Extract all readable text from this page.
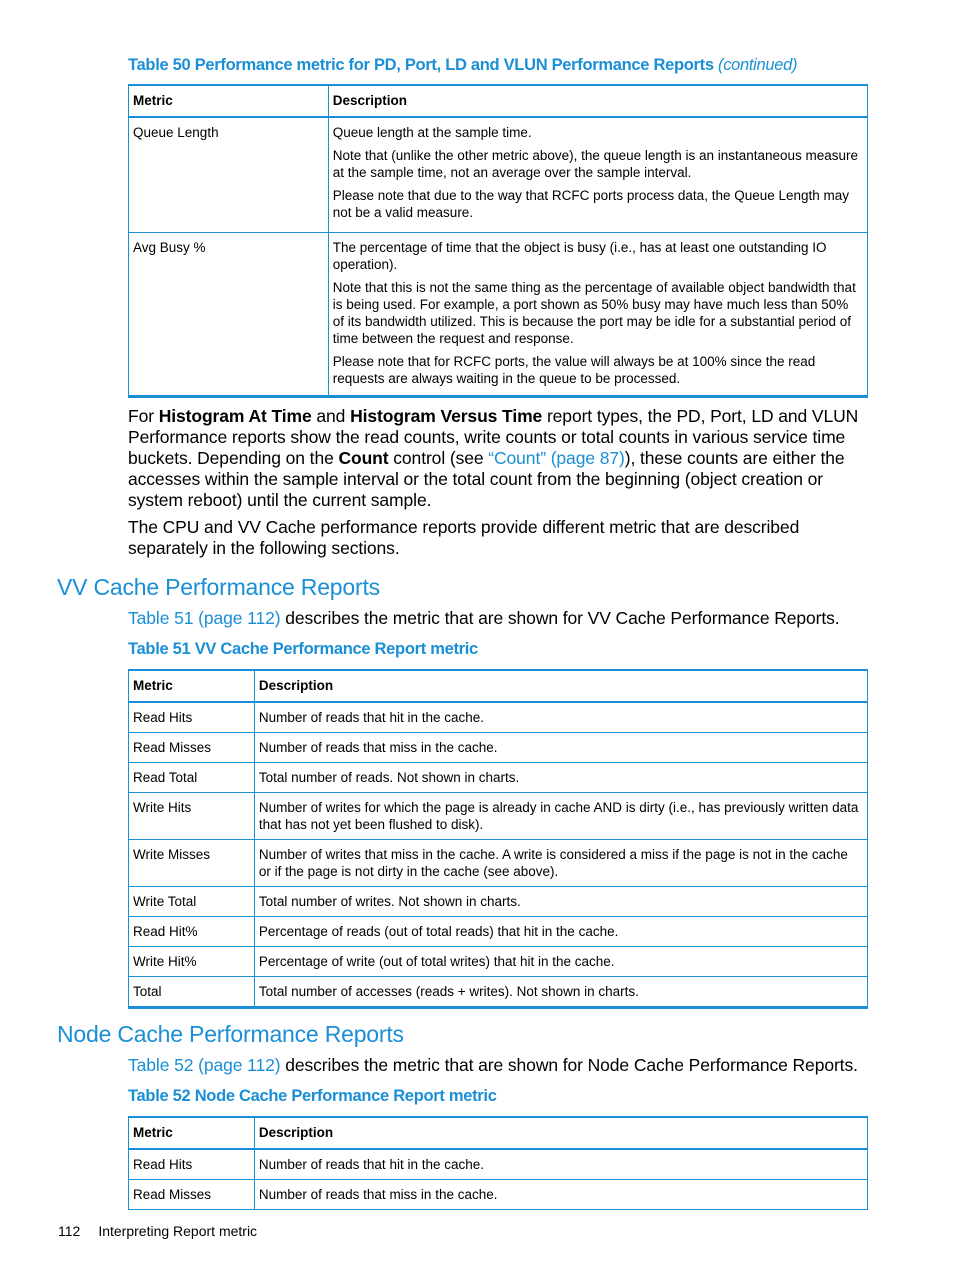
Table 50 Performance metric for PD, Port, LD and VLUN Performance Reports (continued)
Metric	Description
Queue Length	Queue length at the sample time.

Note that (unlike the other metric above), the queue length is an instantaneous measure at the sample time, not an average over the sample interval.

Please note that due to the way that RCFC ports process data, the Queue Length may not be a valid measure.

Avg Busy %	The percentage of time that the object is busy (i.e., has at least one outstanding IO operation).

Note that this is not the same thing as the percentage of available object bandwidth that is being used. For example, a port shown as 50% busy may have much less than 50% of its bandwidth utilized. This is because the port may be idle for a substantial period of time between the request and response.

Please note that for RCFC ports, the value will always be at 100% since the read requests are always waiting in the queue to be processed.

For Histogram At Time and Histogram Versus Time report types, the PD, Port, LD and VLUN Performance reports show the read counts, write counts or total counts in various service time buckets. Depending on the Count control (see “Count” (page 87)), these counts are either the accesses within the sample interval or the total count from the beginning (object creation or system reboot) until the current sample.

The CPU and VV Cache performance reports provide different metric that are described separately in the following sections.

VV Cache Performance Reports
Table 51 (page 112) describes the metric that are shown for VV Cache Performance Reports.
Table 51 VV Cache Performance Report metric
Metric	Description
Read Hits	Number of reads that hit in the cache.
Read Misses	Number of reads that miss in the cache.
Read Total	Total number of reads. Not shown in charts.
Write Hits	Number of writes for which the page is already in cache AND is dirty (i.e., has previously written data that has not yet been flushed to disk).
Write Misses	Number of writes that miss in the cache. A write is considered a miss if the page is not in the cache or if the page is not dirty in the cache (see above).
Write Total	Total number of writes. Not shown in charts.
Read Hit%	Percentage of reads (out of total reads) that hit in the cache.
Write Hit%	Percentage of write (out of total writes) that hit in the cache.
Total	Total number of accesses (reads + writes). Not shown in charts.
Node Cache Performance Reports
Table 52 (page 112) describes the metric that are shown for Node Cache Performance Reports.
Table 52 Node Cache Performance Report metric
Metric	Description
Read Hits	Number of reads that hit in the cache.
Read Misses	Number of reads that miss in the cache.
112 Interpreting Report metric
